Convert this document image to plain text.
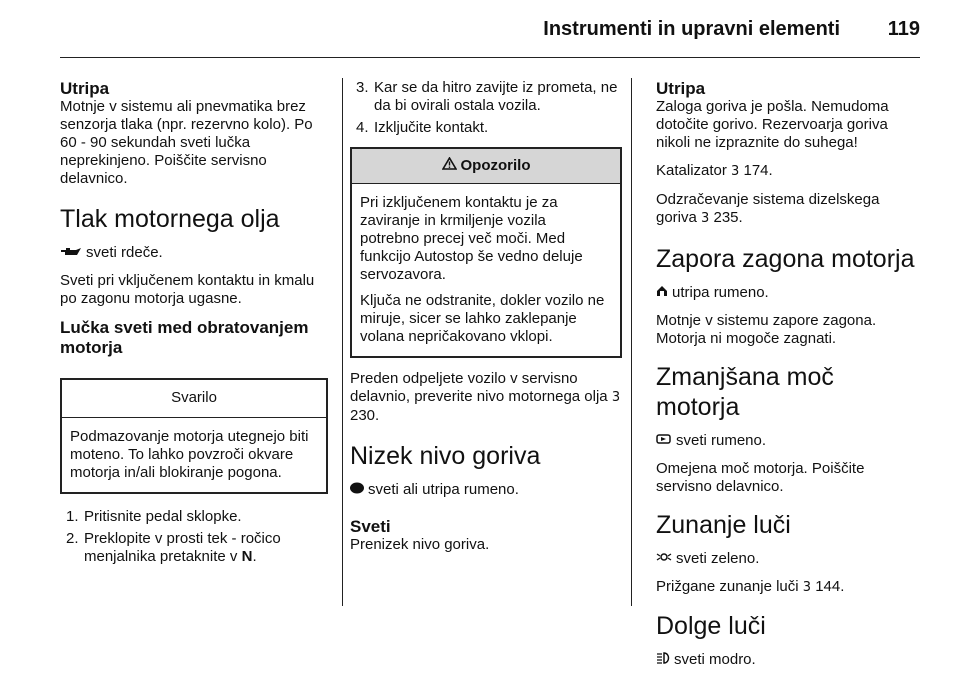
Instrumenti in upravni elementi	119
Utripa

Motnje v sistemu ali pnevmatika brez senzorja tlaka (npr. rezervno kolo). Po 60 - 90 sekundah sveti lučka neprekinjeno. Poiščite servisno delavnico.

Tlak motornega olja

sveti rdeče.

Sveti pri vključenem kontaktu in kmalu po zagonu motorja ugasne.

Lučka sveti med obratovanjem motorja
Svarilo
Podmazovanje motorja utegnejo biti moteno. To lahko povzroči okvare motorja in/ali blokiranje pogona.
1. Pritisnite pedal sklopke.
2. Preklopite v prosti tek - ročico menjalnika pretaknite v N.
3. Kar se da hitro zavijte iz prometa, ne da bi ovirali ostala vozila.
4. Izključite kontakt.
Opozorilo

Pri izključenem kontaktu je za zaviranje in krmiljenje vozila potrebno precej več moči. Med funkcijo Autostop še vedno deluje servozavora.

Ključa ne odstranite, dokler vozilo ne miruje, sicer se lahko zaklepanje volana nepričakovano vklopi.

Preden odpeljete vozilo v servisno delavnio, preverite nivo motornega olja 3 230.

Nizek nivo goriva

sveti ali utripa rumeno.

Sveti

Prenizek nivo goriva.

Utripa

Zaloga goriva je pošla. Nemudoma dotočite gorivo. Rezervoarja goriva nikoli ne izpraznite do suhega!

Katalizator 3 174.

Odzračevanje sistema dizelskega goriva 3 235.

Zapora zagona motorja

utripa rumeno.

Motnje v sistemu zapore zagona. Motorja ni mogoče zagnati.

Zmanjšana moč motorja

sveti rumeno.

Omejena moč motorja. Poiščite servisno delavnico.

Zunanje luči

sveti zeleno.

Prižgane zunanje luči 3 144.

Dolge luči

sveti modro.
